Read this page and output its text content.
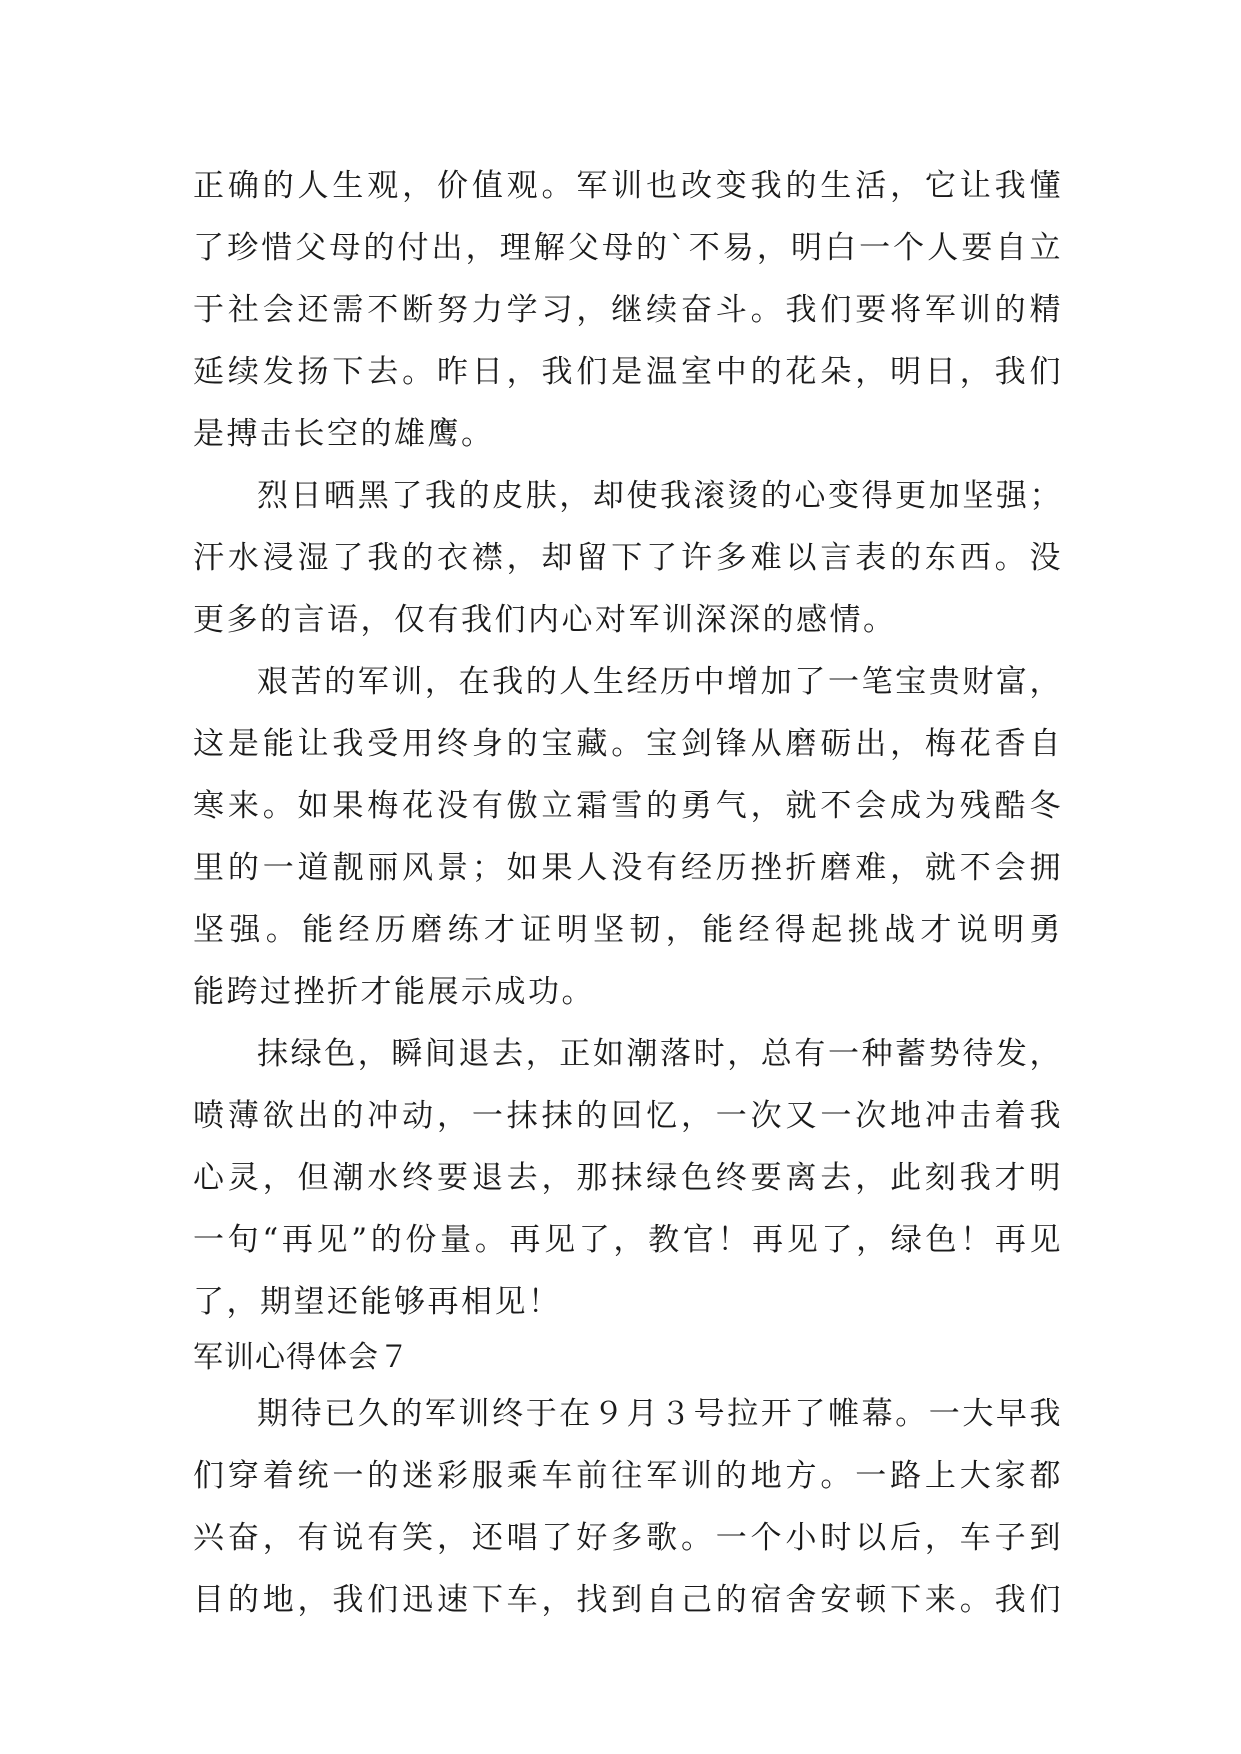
正确的人生观，价值观。军训也改变我的生活，它让我懂
了珍惜父母的付出，理解父母的`不易，明白一个人要自立
于社会还需不断努力学习，继续奋斗。我们要将军训的精
延续发扬下去。昨日，我们是温室中的花朵，明日，我们
是搏击长空的雄鹰。
烈日晒黑了我的皮肤，却使我滚烫的心变得更加坚强；
汗水浸湿了我的衣襟，却留下了许多难以言表的东西。没
更多的言语，仅有我们内心对军训深深的感情。
艰苦的军训，在我的人生经历中增加了一笔宝贵财富，
这是能让我受用终身的宝藏。宝剑锋从磨砺出，梅花香自
寒来。如果梅花没有傲立霜雪的勇气，就不会成为残酷冬
里的一道靓丽风景；如果人没有经历挫折磨难，就不会拥
坚强。能经历磨练才证明坚韧，能经得起挑战才说明勇
能跨过挫折才能展示成功。
抹绿色，瞬间退去，正如潮落时，总有一种蓄势待发，
喷薄欲出的冲动，一抹抹的回忆，一次又一次地冲击着我
心灵，但潮水终要退去，那抹绿色终要离去，此刻我才明
一句“再见”的份量。再见了，教官！再见了，绿色！再见
了，期望还能够再相见！
军训心得体会７
期待已久的军训终于在９月３号拉开了帷幕。一大早我
们穿着统一的迷彩服乘车前往军训的地方。一路上大家都
兴奋，有说有笑，还唱了好多歌。一个小时以后，车子到
目的地，我们迅速下车，找到自己的宿舍安顿下来。我们
